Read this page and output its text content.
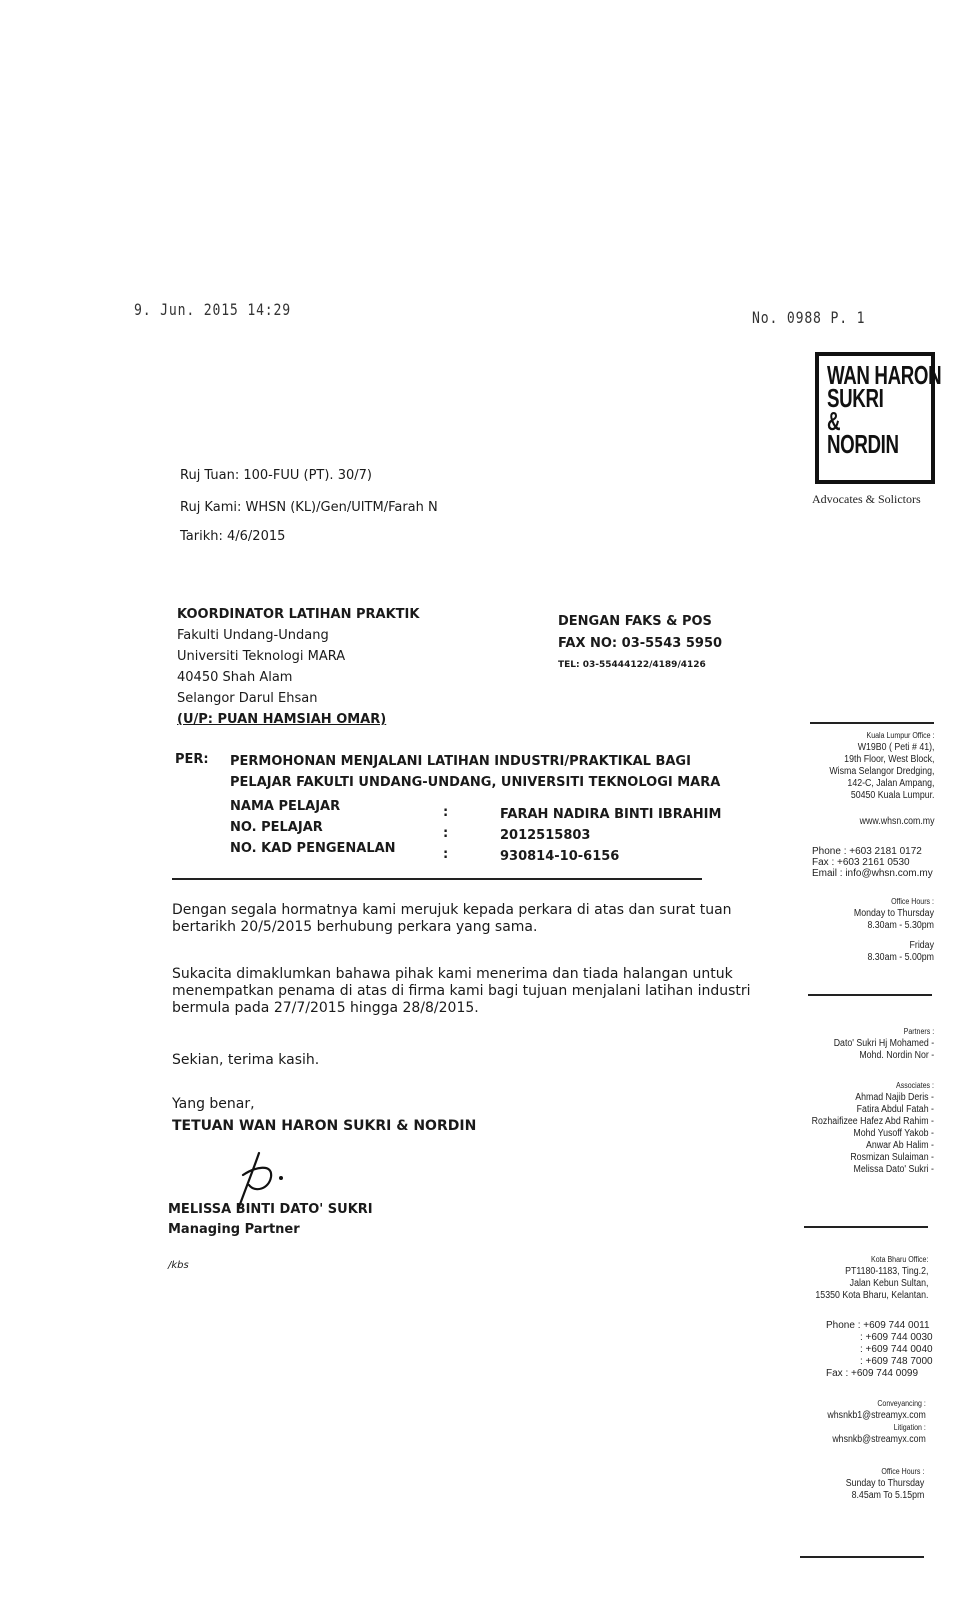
9. Jun. 2015 14:29	No. 0988 P. 1
WAN HARON
SUKRI
&
NORDIN
Advocates & Solictors
Ruj Tuan: 100-FUU (PT). 30/7)
Ruj Kami: WHSN (KL)/Gen/UITM/Farah N
Tarikh: 4/6/2015
KOORDINATOR LATIHAN PRAKTIK
Fakulti Undang-Undang
Universiti Teknologi MARA
40450 Shah Alam
Selangor Darul Ehsan
(U/P: PUAN HAMSIAH OMAR)
DENGAN FAKS & POS
FAX NO: 03-5543 5950
TEL: 03-55444122/4189/4126
PER: PERMOHONAN MENJALANI LATIHAN INDUSTRI/PRAKTIKAL BAGI
PELAJAR FAKULTI UNDANG-UNDANG, UNIVERSITI TEKNOLOGI MARA
NAMA PELAJAR
NO. PELAJAR
NO. KAD PENGENALAN
:
:
:
FARAH NADIRA BINTI IBRAHIM
2012515803
930814-10-6156
Dengan segala hormatnya kami merujuk kepada perkara di atas dan surat tuan
bertarikh 20/5/2015 berhubung perkara yang sama.
Sukacita dimaklumkan bahawa pihak kami menerima dan tiada halangan untuk
menempatkan penama di atas di firma kami bagi tujuan menjalani latihan industri
bermula pada 27/7/2015 hingga 28/8/2015.
Sekian, terima kasih.
Yang benar,
TETUAN WAN HARON SUKRI & NORDIN
MELISSA BINTI DATO' SUKRI
Managing Partner
/kbs
Kuala Lumpur Office :
W19B0 ( Peti # 41),
19th Floor, West Block,
Wisma Selangor Dredging,
142-C, Jalan Ampang,
50450 Kuala Lumpur.
www.whsn.com.my
Phone : +603 2181 0172
Fax : +603 2161 0530
Email : info@whsn.com.my
Office Hours :
Monday to Thursday
8.30am - 5.30pm
Friday
8.30am - 5.00pm
Partners :
Dato' Sukri Hj Mohamed -
Mohd. Nordin Nor -
Associates :
Ahmad Najib Deris -
Fatira Abdul Fatah -
Rozhaifizee Hafez Abd Rahim -
Mohd Yusoff Yakob -
Anwar Ab Halim -
Rosmizan Sulaiman -
Melissa Dato' Sukri -
Kota Bharu Office:
PT1180-1183, Ting.2,
Jalan Kebun Sultan,
15350 Kota Bharu, Kelantan.
Phone : +609 744 0011
: +609 744 0030
: +609 744 0040
: +609 748 7000
Fax : +609 744 0099
Conveyancing :
whsnkb1@streamyx.com
Litigation :
whsnkb@streamyx.com
Office Hours :
Sunday to Thursday
8.45am To 5.15pm
